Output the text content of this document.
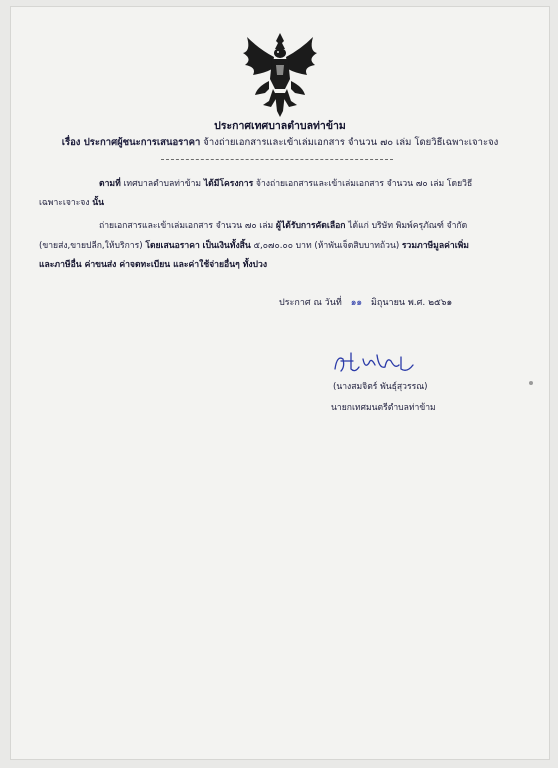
ประกาศเทศบาลตำบลท่าข้าม
เรื่อง ประกาศผู้ชนะการเสนอราคา จ้างถ่ายเอกสารและเข้าเล่มเอกสาร จำนวน ๗๐ เล่ม โดยวิธีเฉพาะเจาะจง
ตามที่ เทศบาลตำบลท่าข้าม ได้มีโครงการ จ้างถ่ายเอกสารและเข้าเล่มเอกสาร จำนวน ๗๐ เล่ม โดยวิธี
เฉพาะเจาะจง นั้น
ถ่ายเอกสารและเข้าเล่มเอกสาร จำนวน ๗๐ เล่ม ผู้ได้รับการคัดเลือก ได้แก่ บริษัท พิมพ์ครุภัณฑ์ จำกัด
(ขายส่ง,ขายปลีก,ให้บริการ) โดยเสนอราคา เป็นเงินทั้งสิ้น ๕,๐๗๐.๐๐ บาท (ห้าพันเจ็ดสิบบาทถ้วน) รวมภาษีมูลค่าเพิ่ม
และภาษีอื่น ค่าขนส่ง ค่าจดทะเบียน และค่าใช้จ่ายอื่นๆ ทั้งปวง
ประกาศ ณ วันที่ ๑๑ มิถุนายน พ.ศ. ๒๕๖๑
(นางสมจิตร์ พันธุ์สุวรรณ)
นายกเทศมนตรีตำบลท่าข้าม
